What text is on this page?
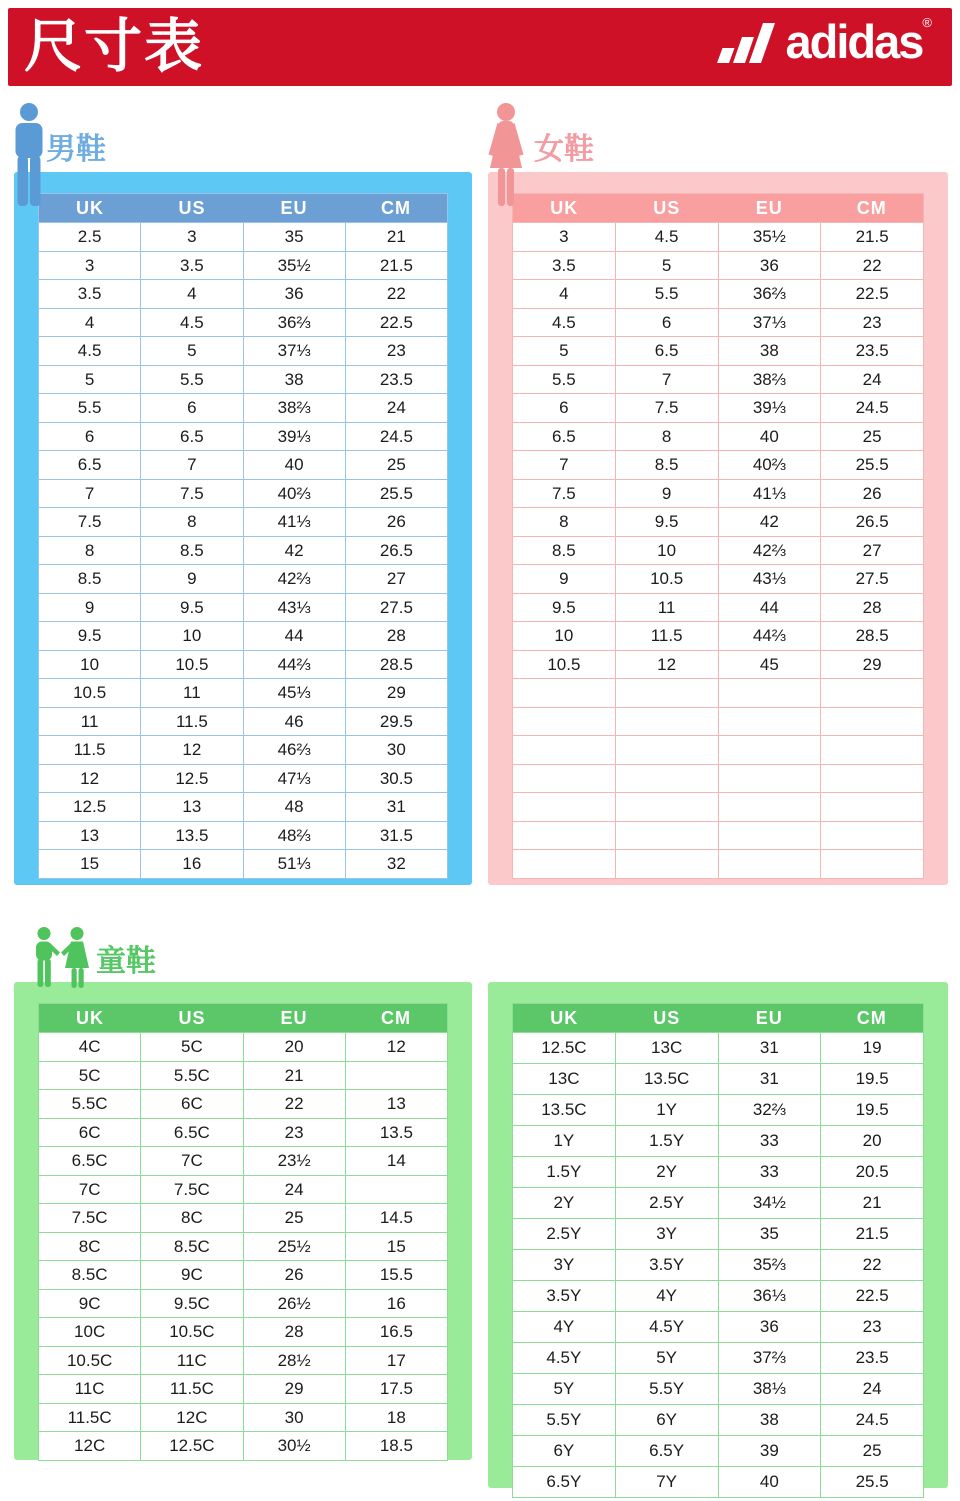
尺寸表	adidas ®
男鞋
UK	US	EU	CM
2.5	3	35	21
3	3.5	35½	21.5
3.5	4	36	22
4	4.5	36⅔	22.5
4.5	5	37⅓	23
5	5.5	38	23.5
5.5	6	38⅔	24
6	6.5	39⅓	24.5
6.5	7	40	25
7	7.5	40⅔	25.5
7.5	8	41⅓	26
8	8.5	42	26.5
8.5	9	42⅔	27
9	9.5	43⅓	27.5
9.5	10	44	28
10	10.5	44⅔	28.5
10.5	11	45⅓	29
11	11.5	46	29.5
11.5	12	46⅔	30
12	12.5	47⅓	30.5
12.5	13	48	31
13	13.5	48⅔	31.5
15	16	51⅓	32
女鞋
UK	US	EU	CM
3	4.5	35½	21.5
3.5	5	36	22
4	5.5	36⅔	22.5
4.5	6	37⅓	23
5	6.5	38	23.5
5.5	7	38⅔	24
6	7.5	39⅓	24.5
6.5	8	40	25
7	8.5	40⅔	25.5
7.5	9	41⅓	26
8	9.5	42	26.5
8.5	10	42⅔	27
9	10.5	43⅓	27.5
9.5	11	44	28
10	11.5	44⅔	28.5
10.5	12	45	29
童鞋
UK	US	EU	CM
4C	5C	20	12
5C	5.5C	21
5.5C	6C	22	13
6C	6.5C	23	13.5
6.5C	7C	23½	14
7C	7.5C	24
7.5C	8C	25	14.5
8C	8.5C	25½	15
8.5C	9C	26	15.5
9C	9.5C	26½	16
10C	10.5C	28	16.5
10.5C	11C	28½	17
11C	11.5C	29	17.5
11.5C	12C	30	18
12C	12.5C	30½	18.5
UK	US	EU	CM
12.5C	13C	31	19
13C	13.5C	31	19.5
13.5C	1Y	32⅔	19.5
1Y	1.5Y	33	20
1.5Y	2Y	33	20.5
2Y	2.5Y	34½	21
2.5Y	3Y	35	21.5
3Y	3.5Y	35⅔	22
3.5Y	4Y	36⅓	22.5
4Y	4.5Y	36	23
4.5Y	5Y	37⅔	23.5
5Y	5.5Y	38⅓	24
5.5Y	6Y	38	24.5
6Y	6.5Y	39	25
6.5Y	7Y	40	25.5
